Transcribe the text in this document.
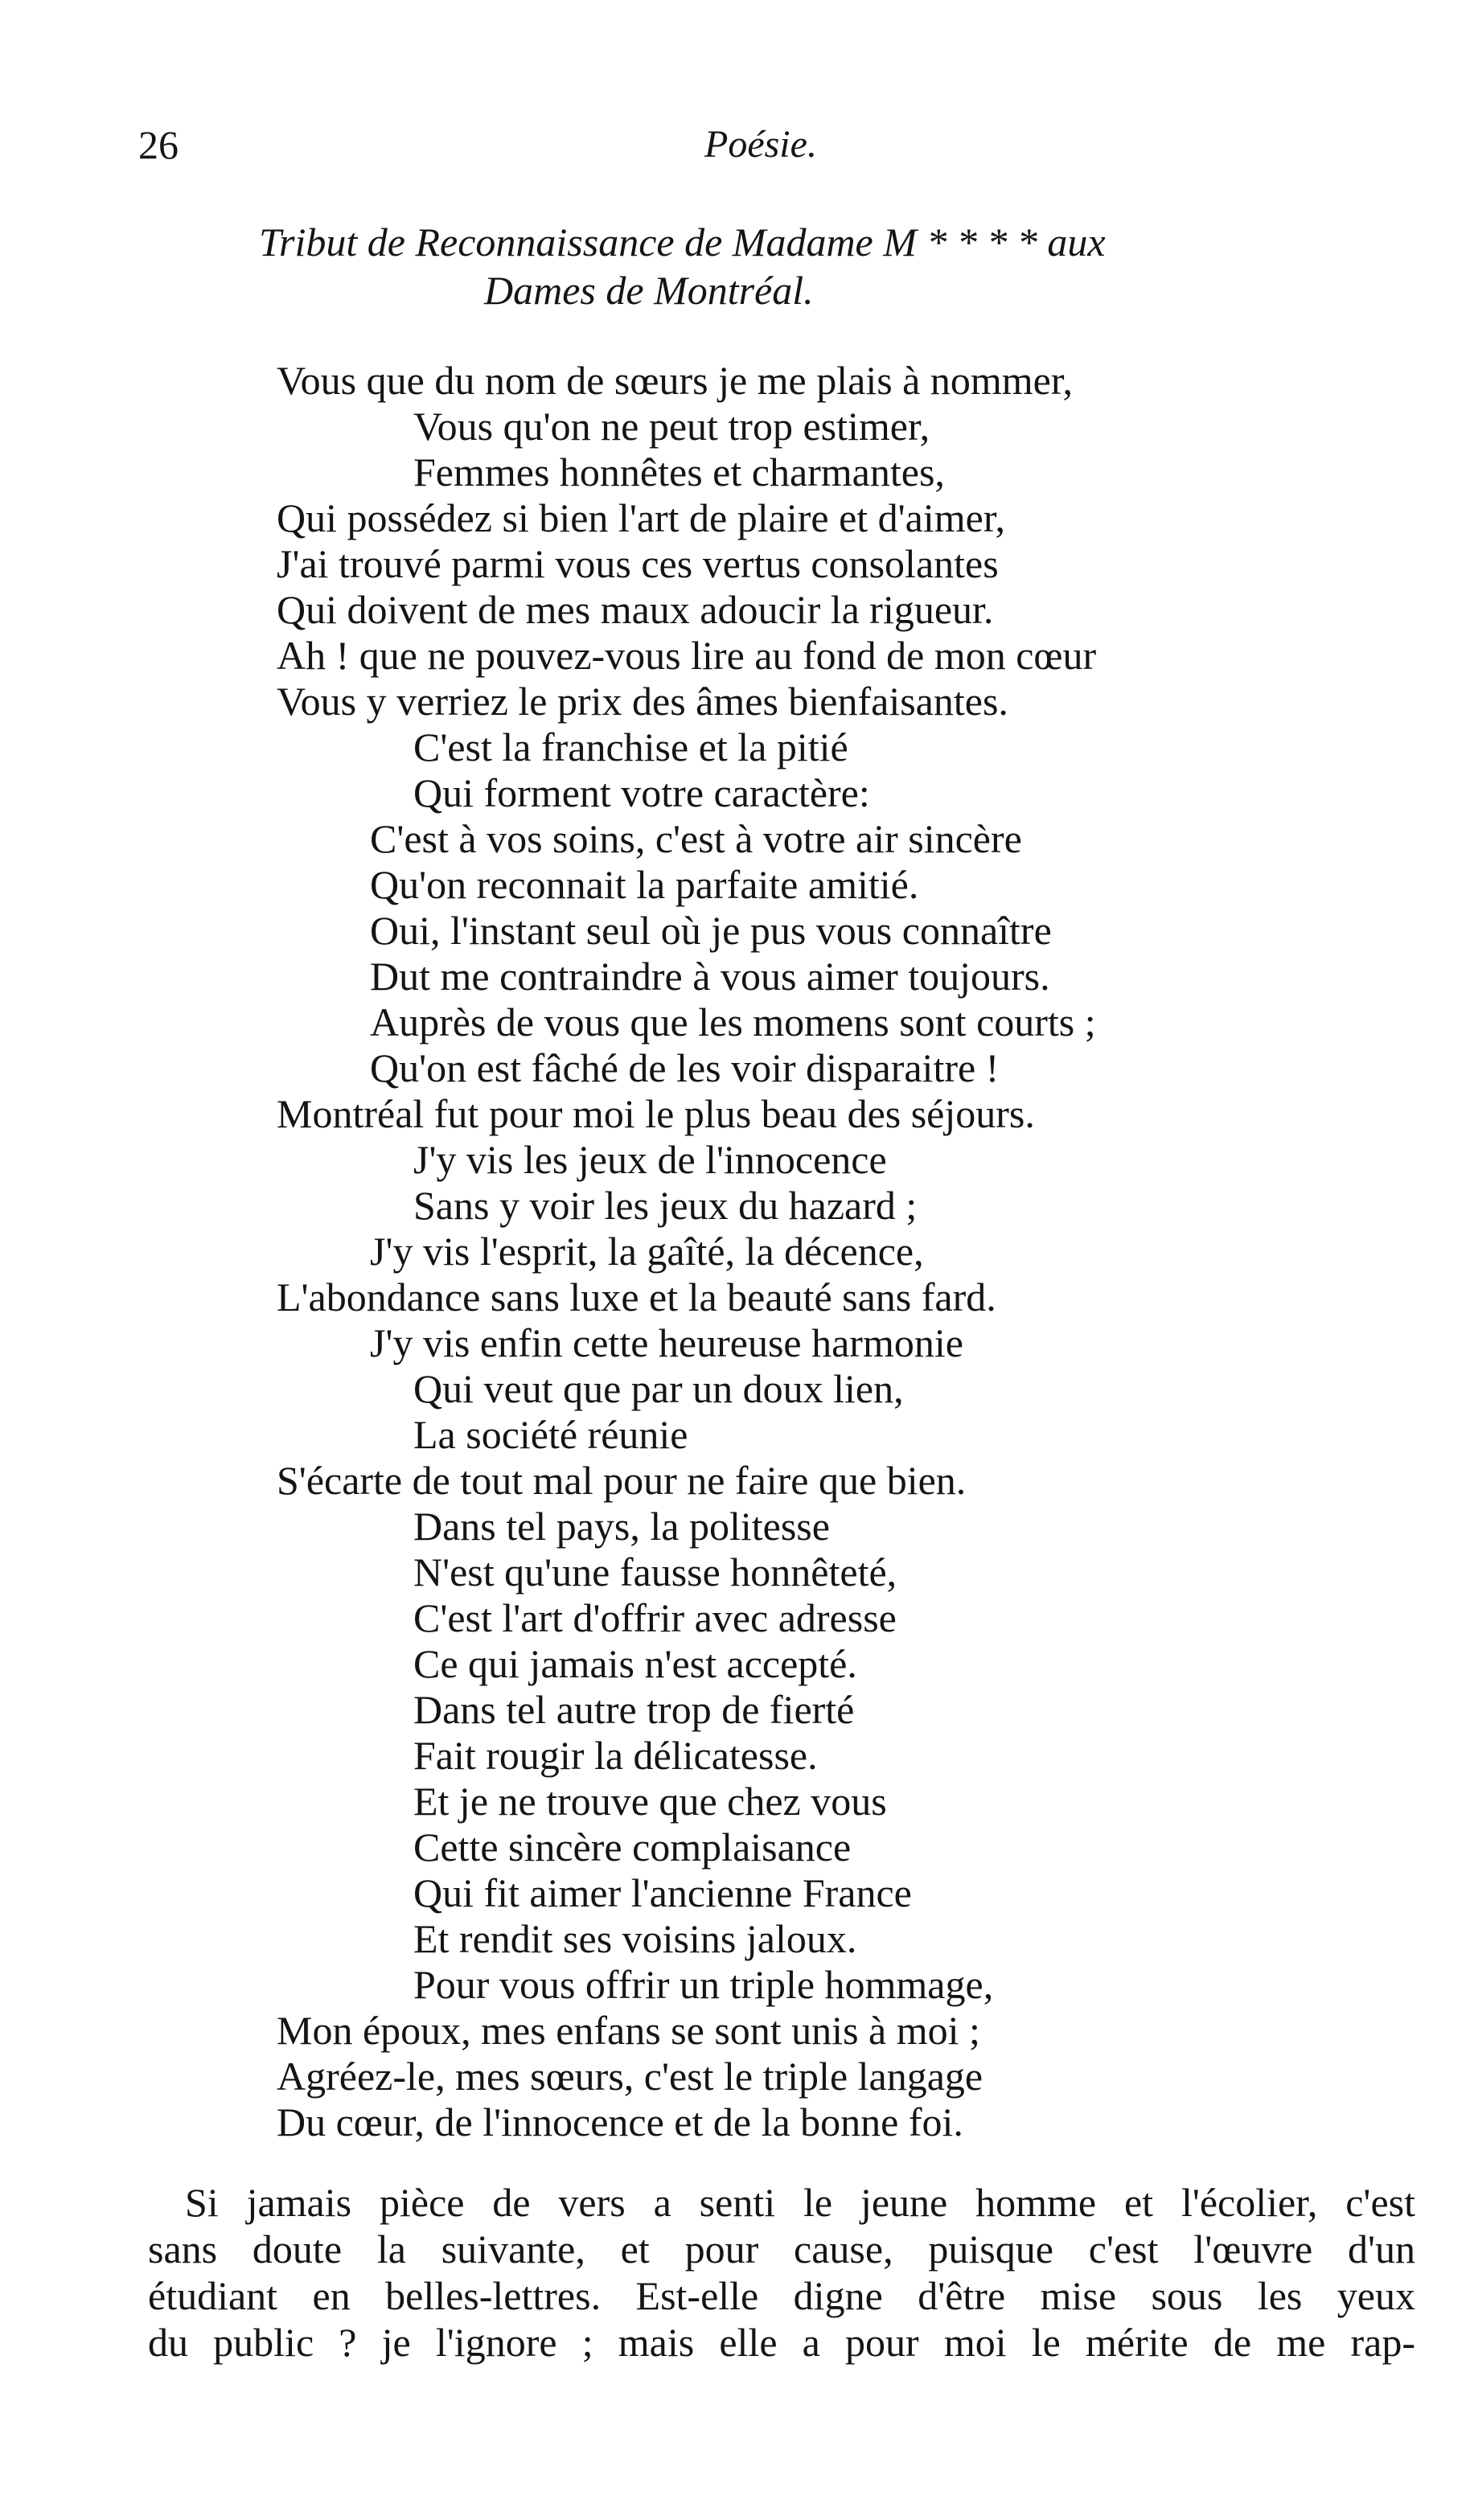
26	Poésie.
Tribut de Reconnaissance de Madame M * * * * aux
Dames de Montréal.
Vous que du nom de sœurs je me plais à nommer,
Vous qu'on ne peut trop estimer,
Femmes honnêtes et charmantes,
Qui possédez si bien l'art de plaire et d'aimer,
J'ai trouvé parmi vous ces vertus consolantes
Qui doivent de mes maux adoucir la rigueur.
Ah ! que ne pouvez-vous lire au fond de mon cœur
Vous y verriez le prix des âmes bienfaisantes.
C'est la franchise et la pitié
Qui forment votre caractère:
C'est à vos soins, c'est à votre air sincère
Qu'on reconnait la parfaite amitié.
Oui, l'instant seul où je pus vous connaître
Dut me contraindre à vous aimer toujours.
Auprès de vous que les momens sont courts ;
Qu'on est fâché de les voir disparaitre !
Montréal fut pour moi le plus beau des séjours.
J'y vis les jeux de l'innocence
Sans y voir les jeux du hazard ;
J'y vis l'esprit, la gaîté, la décence,
L'abondance sans luxe et la beauté sans fard.
J'y vis enfin cette heureuse harmonie
Qui veut que par un doux lien,
La société réunie
S'écarte de tout mal pour ne faire que bien.
Dans tel pays, la politesse
N'est qu'une fausse honnêteté,
C'est l'art d'offrir avec adresse
Ce qui jamais n'est accepté.
Dans tel autre trop de fierté
Fait rougir la délicatesse.
Et je ne trouve que chez vous
Cette sincère complaisance
Qui fit aimer l'ancienne France
Et rendit ses voisins jaloux.
Pour vous offrir un triple hommage,
Mon époux, mes enfans se sont unis à moi ;
Agréez-le, mes sœurs, c'est le triple langage
Du cœur, de l'innocence et de la bonne foi.
Si jamais pièce de vers a senti le jeune homme et l'écolier, c'est
sans doute la suivante, et pour cause, puisque c'est l'œuvre d'un
étudiant en belles-lettres. Est-elle digne d'être mise sous les yeux
du public ? je l'ignore ; mais elle a pour moi le mérite de me rap-
